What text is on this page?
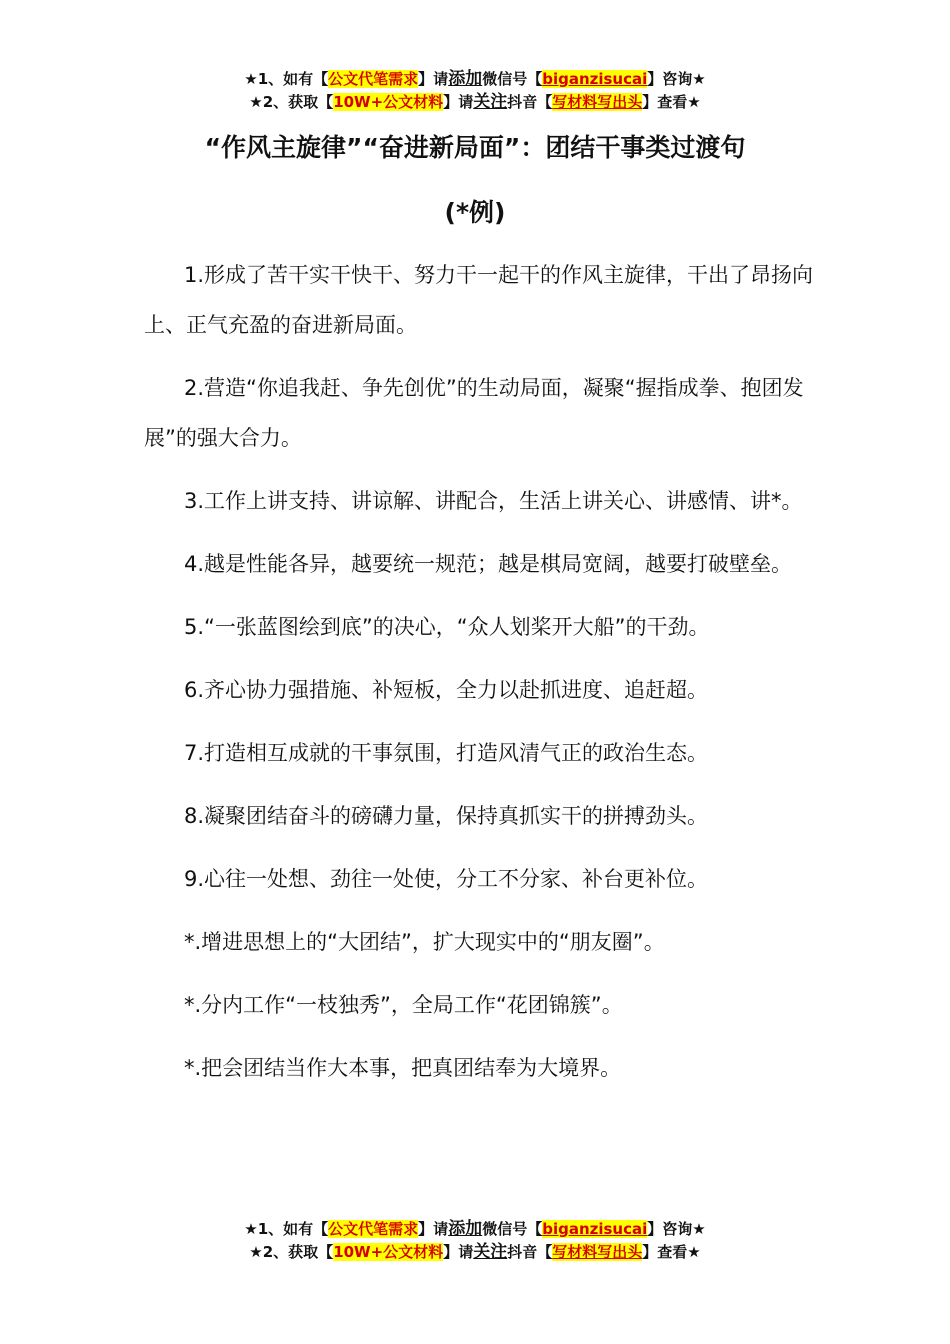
★1、如有【公文代笔需求】请添加微信号【biganzisucai】咨询★
★2、获取【10W+公文材料】请关注抖音【写材料写出头】查看★
“作风主旋律”“奋进新局面”：团结干事类过渡句
(*例)

1.形成了苦干实干快干、努力干一起干的作风主旋律，干出了昂扬向上、正气充盈的奋进新局面。

2.营造“你追我赶、争先创优”的生动局面，凝聚“握指成拳、抱团发展”的强大合力。

3.工作上讲支持、讲谅解、讲配合，生活上讲关心、讲感情、讲*。

4.越是性能各异，越要统一规范；越是棋局宽阔，越要打破壁垒。

5.“一张蓝图绘到底”的决心，“众人划桨开大船”的干劲。

6.齐心协力强措施、补短板，全力以赴抓进度、追赶超。

7.打造相互成就的干事氛围，打造风清气正的政治生态。

8.凝聚团结奋斗的磅礴力量，保持真抓实干的拼搏劲头。

9.心往一处想、劲往一处使，分工不分家、补台更补位。

*.增进思想上的“大团结”，扩大现实中的“朋友圈”。

*.分内工作“一枝独秀”，全局工作“花团锦簇”。

*.把会团结当作大本事，把真团结奉为大境界。

★1、如有【公文代笔需求】请添加微信号【biganzisucai】咨询★
★2、获取【10W+公文材料】请关注抖音【写材料写出头】查看★
